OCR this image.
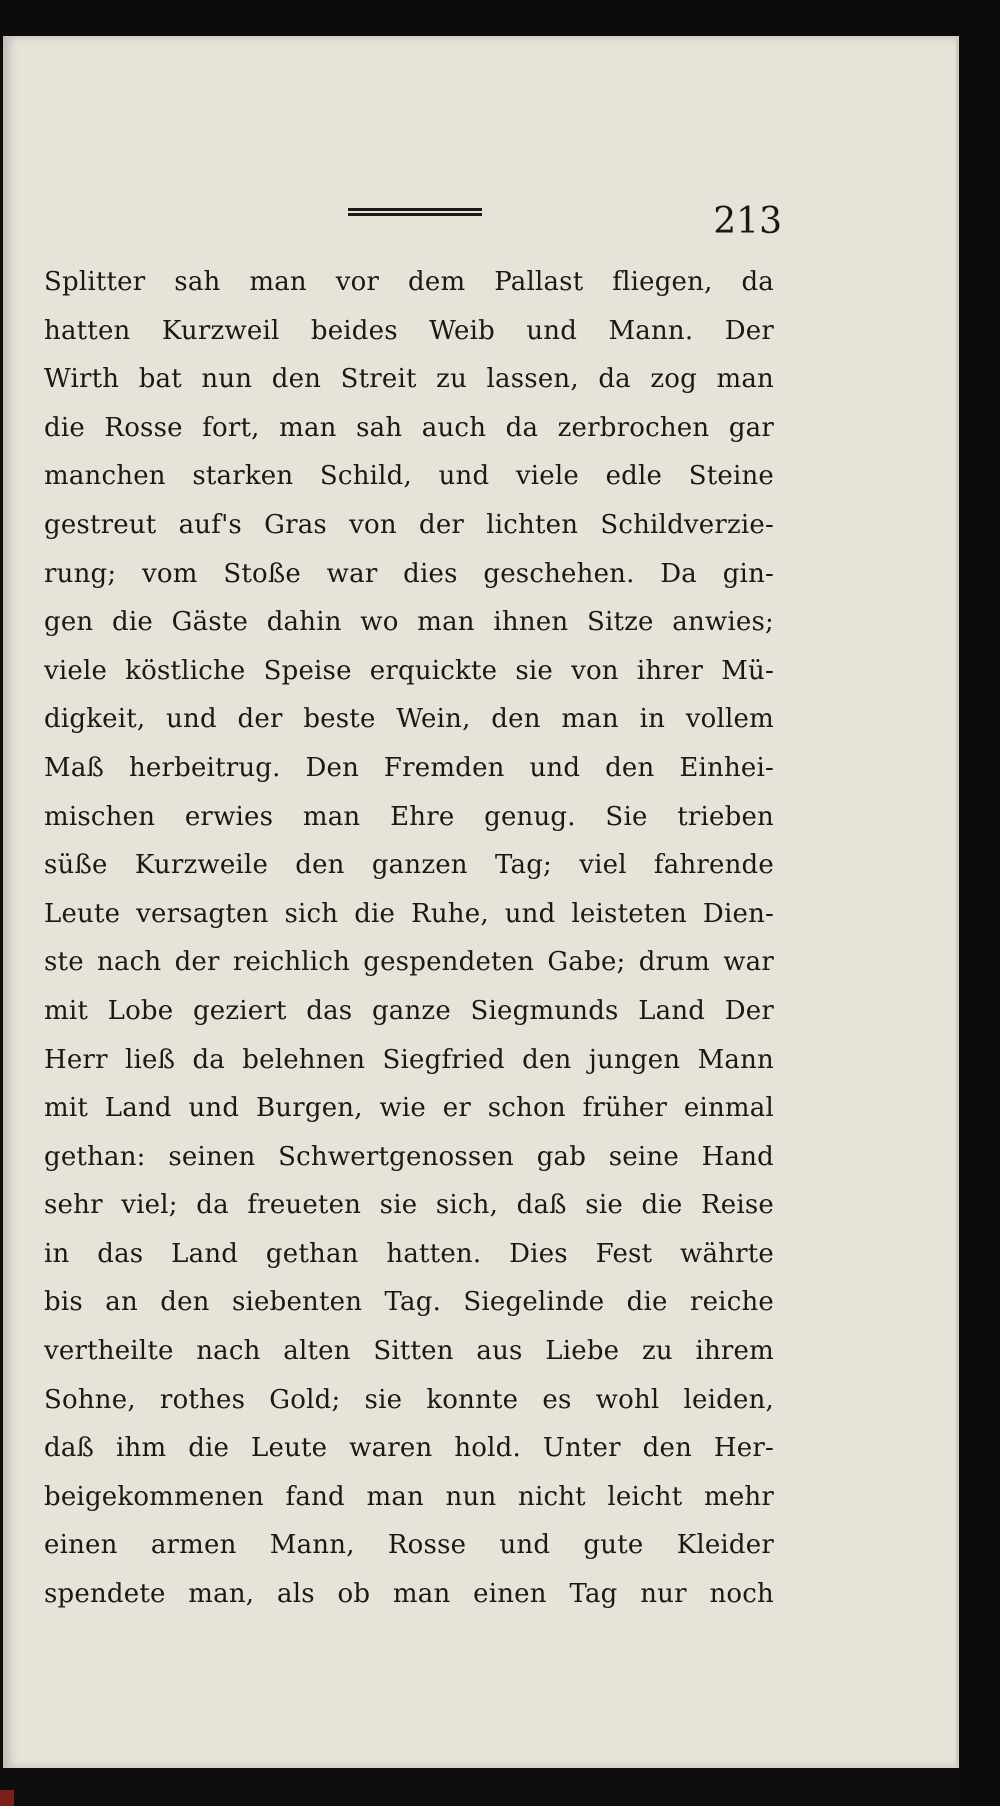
213
Splitter sah man vor dem Pallast fliegen, da
hatten Kurzweil beides Weib und Mann. Der
Wirth bat nun den Streit zu lassen, da zog man
die Rosse fort, man sah auch da zerbrochen gar
manchen starken Schild, und viele edle Steine
gestreut auf's Gras von der lichten Schildverzie-
rung; vom Stoße war dies geschehen. Da gin-
gen die Gäste dahin wo man ihnen Sitze anwies;
viele köstliche Speise erquickte sie von ihrer Mü-
digkeit, und der beste Wein, den man in vollem
Maß herbeitrug. Den Fremden und den Einhei-
mischen erwies man Ehre genug. Sie trieben
süße Kurzweile den ganzen Tag; viel fahrende
Leute versagten sich die Ruhe, und leisteten Dien-
ste nach der reichlich gespendeten Gabe; drum war
mit Lobe geziert das ganze Siegmunds Land Der
Herr ließ da belehnen Siegfried den jungen Mann
mit Land und Burgen, wie er schon früher einmal
gethan: seinen Schwertgenossen gab seine Hand
sehr viel; da freueten sie sich, daß sie die Reise
in das Land gethan hatten. Dies Fest währte
bis an den siebenten Tag. Siegelinde die reiche
vertheilte nach alten Sitten aus Liebe zu ihrem
Sohne, rothes Gold; sie konnte es wohl leiden,
daß ihm die Leute waren hold. Unter den Her-
beigekommenen fand man nun nicht leicht mehr
einen armen Mann, Rosse und gute Kleider
spendete man, als ob man einen Tag nur noch
